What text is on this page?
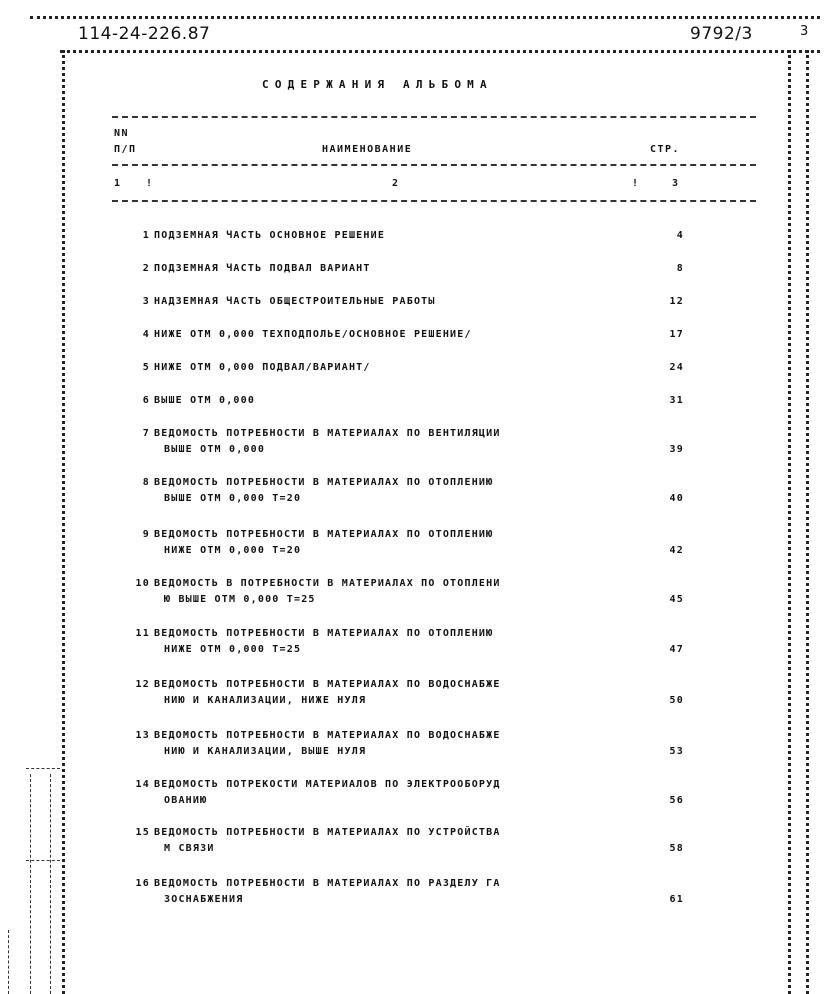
114-24-226.87	9792/3	3
СОДЕРЖАНИЯ АЛЬБОМА
NN
П/П	НАИМЕНОВАНИЕ	СТР.
1 !	2	!	3
1 ПОДЗЕМНАЯ ЧАСТЬ ОСНОВНОЕ РЕШЕНИЕ	4
2 ПОДЗЕМНАЯ ЧАСТЬ ПОДВАЛ ВАРИАНТ	8
3 НАДЗЕМНАЯ ЧАСТЬ ОБЩЕСТРОИТЕЛЬНЫЕ РАБОТЫ	12
4 НИЖЕ ОТМ 0,000 ТЕХПОДПОЛЬЕ/ОСНОВНОЕ РЕШЕНИЕ/	17
5 НИЖЕ ОТМ 0,000 ПОДВАЛ/ВАРИАНТ/	24
6 ВЫШЕ ОТМ 0,000	31
7 ВЕДОМОСТЬ ПОТРЕБНОСТИ В МАТЕРИАЛАХ ПО ВЕНТИЛЯЦИИ
ВЫШЕ ОТМ 0,000	39
8 ВЕДОМОСТЬ ПОТРЕБНОСТИ В МАТЕРИАЛАХ ПО ОТОПЛЕНИЮ
ВЫШЕ ОТМ 0,000 Т=20	40
9 ВЕДОМОСТЬ ПОТРЕБНОСТИ В МАТЕРИАЛАХ ПО ОТОПЛЕНИЮ
НИЖЕ ОТМ 0,000 Т=20	42
10 ВЕДОМОСТЬ В ПОТРЕБНОСТИ В МАТЕРИАЛАХ ПО ОТОПЛЕНИ
Ю ВЫШЕ ОТМ 0,000 Т=25	45
11 ВЕДОМОСТЬ ПОТРЕБНОСТИ В МАТЕРИАЛАХ ПО ОТОПЛЕНИЮ
НИЖЕ ОТМ 0,000 Т=25	47
12 ВЕДОМОСТЬ ПОТРЕБНОСТИ В МАТЕРИАЛАХ ПО ВОДОСНАБЖЕ
НИЮ И КАНАЛИЗАЦИИ, НИЖЕ НУЛЯ	50
13 ВЕДОМОСТЬ ПОТРЕБНОСТИ В МАТЕРИАЛАХ ПО ВОДОСНАБЖЕ
НИЮ И КАНАЛИЗАЦИИ, ВЫШЕ НУЛЯ	53
14 ВЕДОМОСТЬ ПОТРЕКОСТИ МАТЕРИАЛОВ ПО ЭЛЕКТРООБОРУД
ОВАНИЮ	56
15 ВЕДОМОСТЬ ПОТРЕБНОСТИ В МАТЕРИАЛАХ ПО УСТРОЙСТВА
М СВЯЗИ	58
16 ВЕДОМОСТЬ ПОТРЕБНОСТИ В МАТЕРИАЛАХ ПО РАЗДЕЛУ ГА
ЗОСНАБЖЕНИЯ	61
